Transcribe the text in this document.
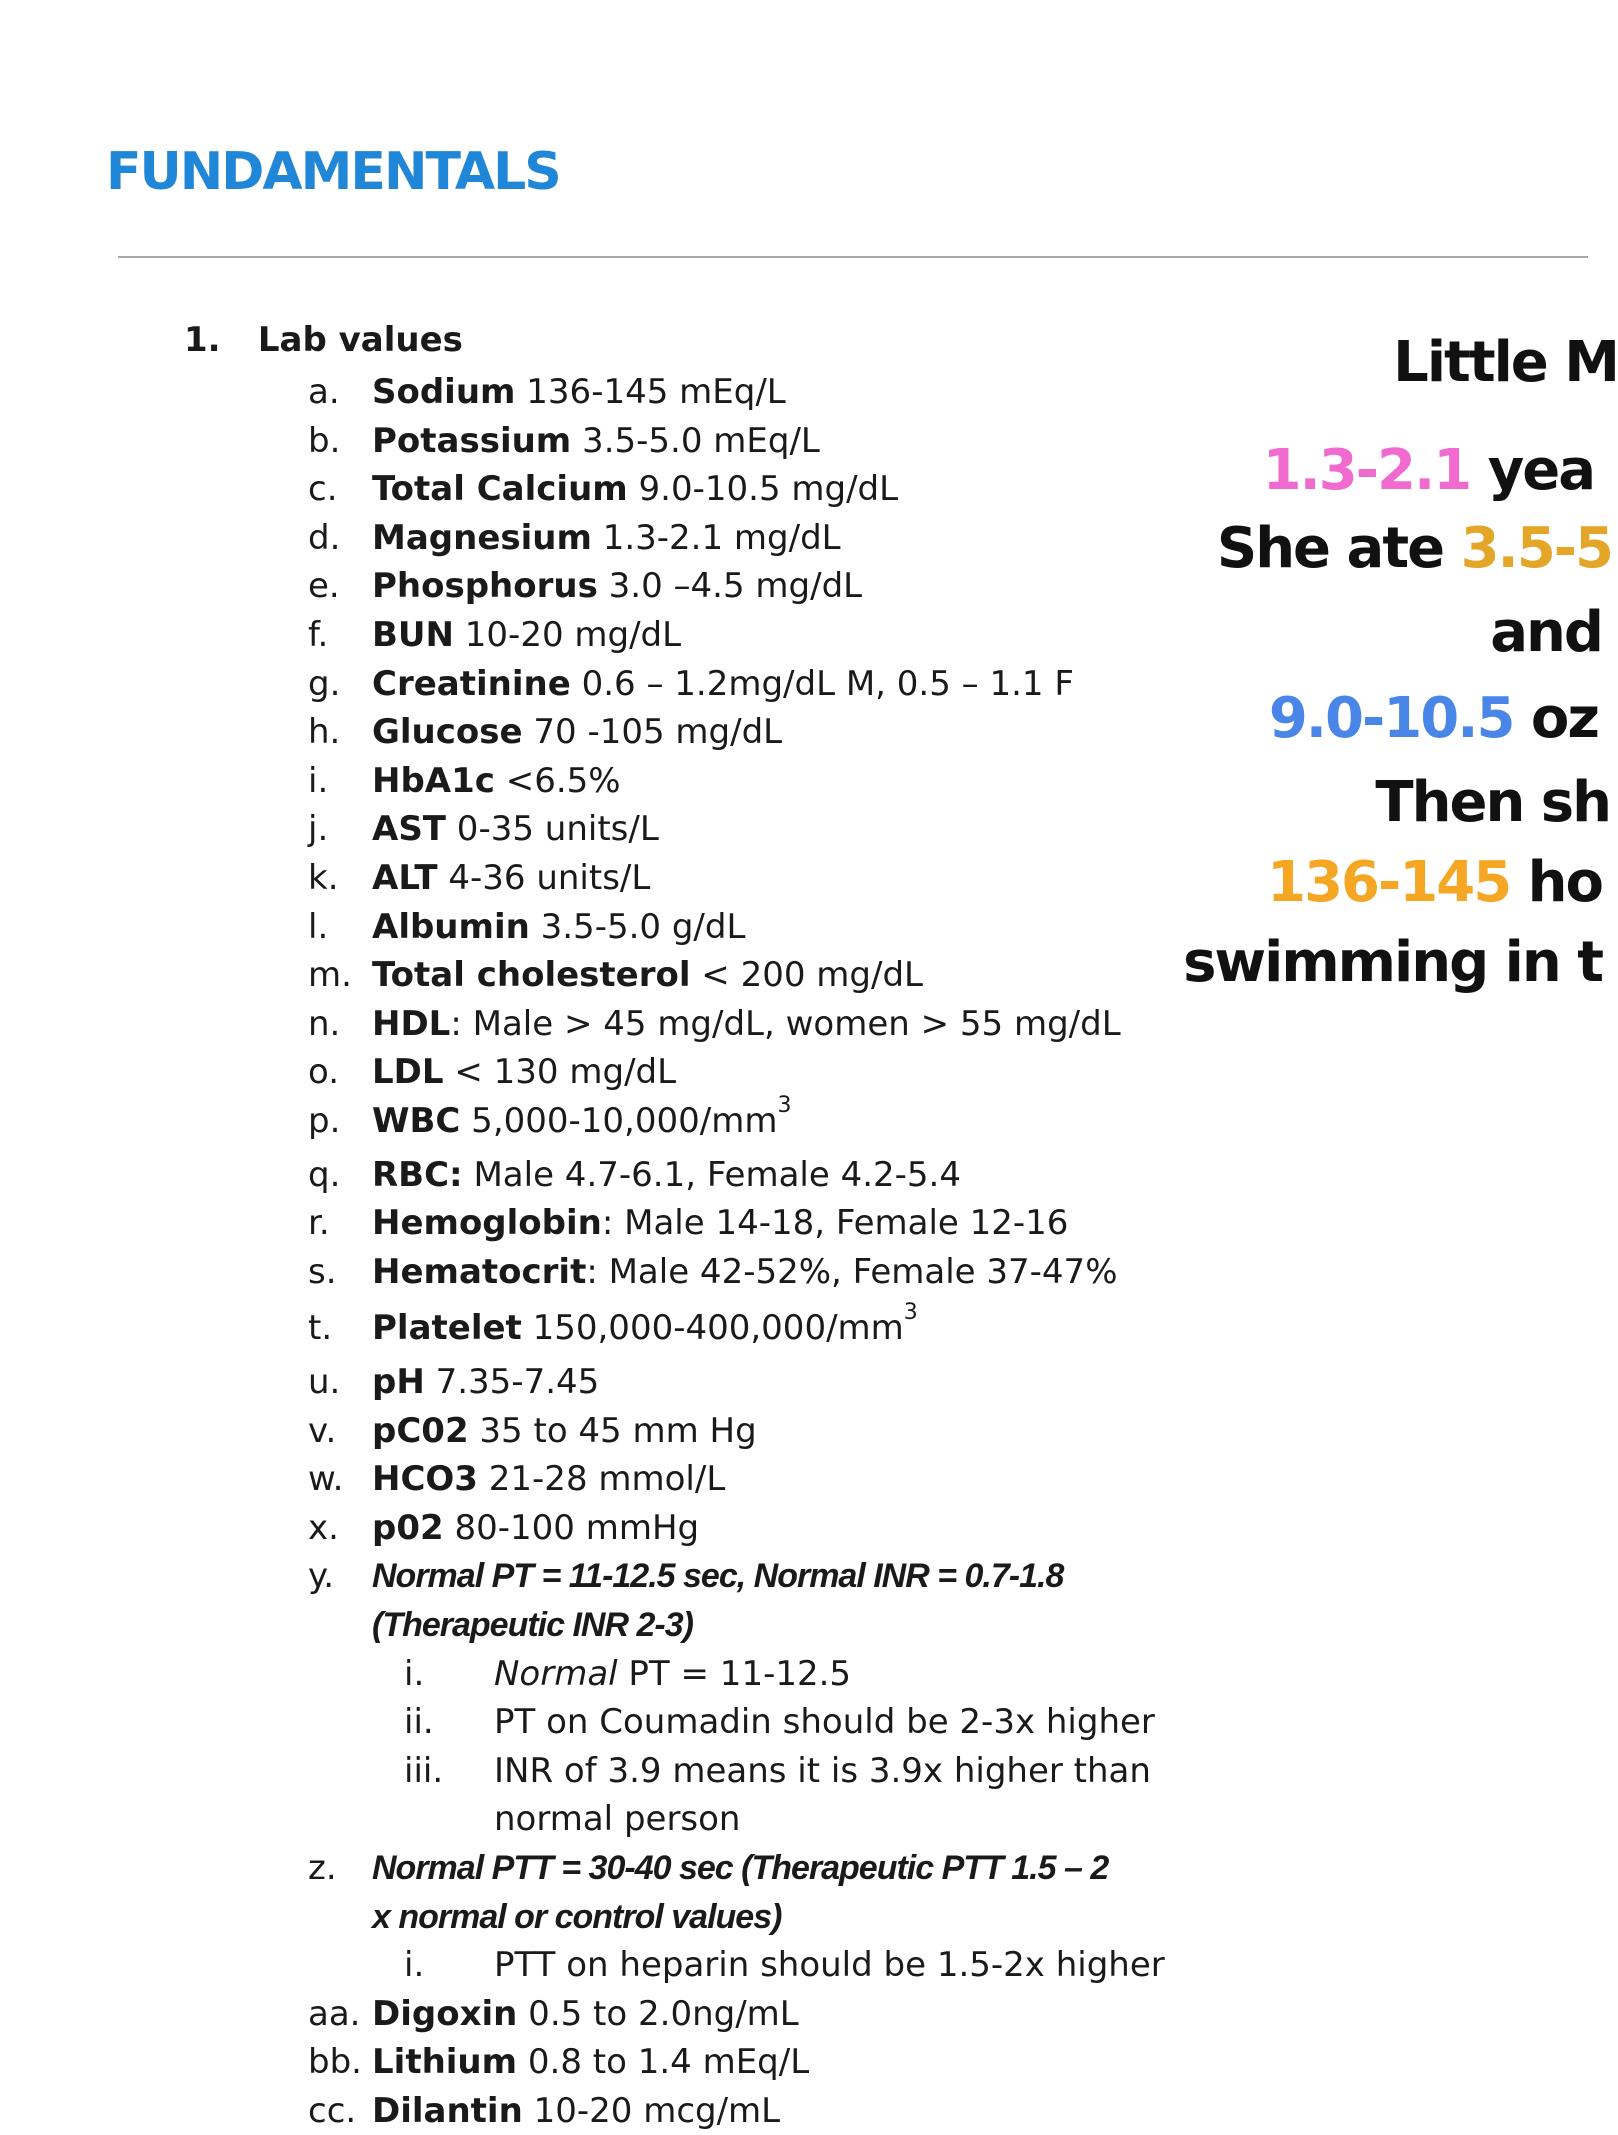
FUNDAMENTALS
1. Lab values
a. Sodium 136-145 mEq/L
b. Potassium 3.5-5.0 mEq/L
c.	Total Calcium 9.0-10.5 mg/dL
d. Magnesium 1.3-2.1 mg/dL
e. Phosphorus 3.0 –4.5 mg/dL
f.	BUN 10-20 mg/dL
g. Creatinine 0.6 – 1.2mg/dL M, 0.5 – 1.1 F
h. Glucose 70 -105 mg/dL
i.	HbA1c <6.5%
j.	AST 0-35 units/L
k. ALT 4-36 units/L
l.	Albumin 3.5-5.0 g/dL
m. Total cholesterol < 200 mg/dL
n. HDL: Male > 45 mg/dL, women > 55 mg/dL
o. LDL < 130 mg/dL
p. WBC $5,000-10,000/mm^3$
q. RBC: Male 4.7-6.1, Female 4.2-5.4
r.	Hemoglobin: Male 14-18, Female 12-16
s.	Hematocrit: Male 42-52%, Female 37-47%
t.	Platelet $150,000-400,000/mm^3$
u. pH 7.35-7.45
v.	pC02 35 to 45 mm Hg
w. HCO3 21-28 mmol/L
x. p02 80-100 mmHg
y.	Normal PT = 11-12.5 sec, Normal INR = 0.7-1.8
(Therapeutic INR 2-3)
i.	Normal PT = 11-12.5
ii.	PT on Coumadin should be 2-3x higher
iii.	INR of 3.9 means it is 3.9x higher than
normal person
z.	Normal PTT = 30-40 sec (Therapeutic PTT 1.5 – 2
x normal or control values)
i.	PTT on heparin should be 1.5-2x higher
aa. Digoxin 0.5 to 2.0ng/mL
bb. Lithium 0.8 to 1.4 mEq/L
cc. Dilantin 10-20 mcg/mL
Little M
1.3-2.1 yea
She ate 3.5-5
and
9.0-10.5 oz
Then sh
136-145 ho
swimming in t
